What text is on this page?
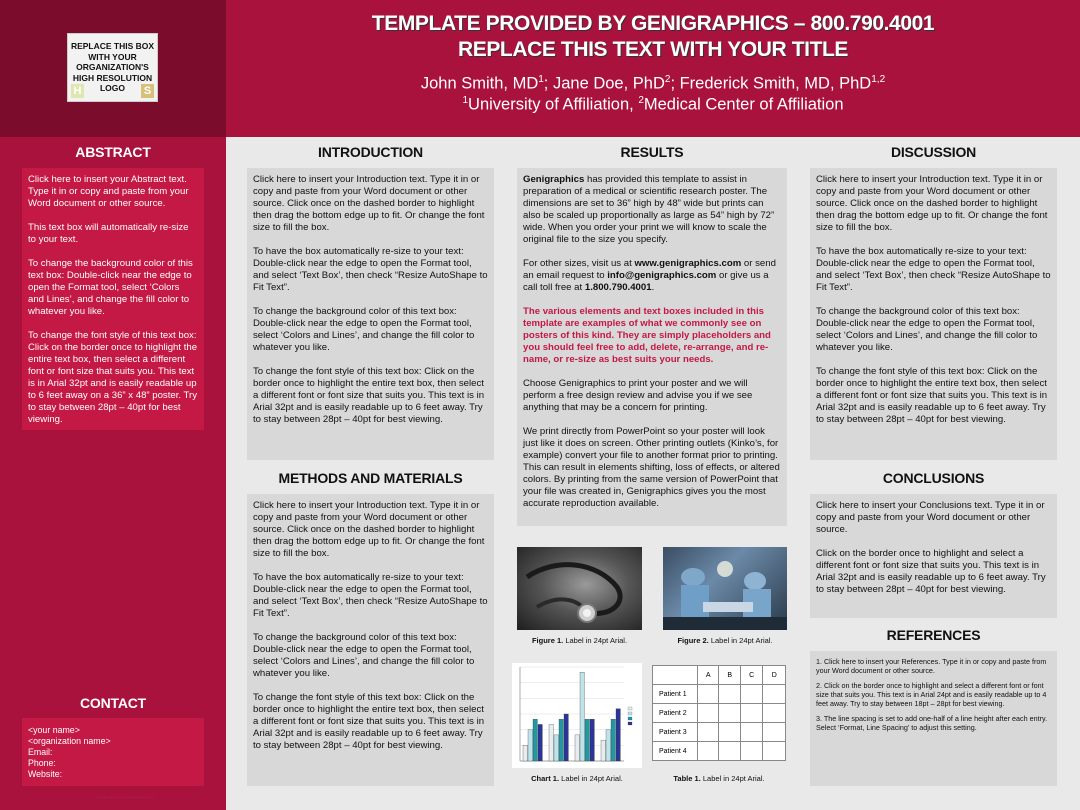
REPLACE THIS BOX WITH YOUR ORGANIZATION'S HIGH RESOLUTION LOGO
H	S
TEMPLATE PROVIDED BY GENIGRAPHICS – 800.790.4001
REPLACE THIS TEXT WITH YOUR TITLE
John Smith, $MD^1$; Jane Doe, PhD$^2$; Frederick Smith, MD, PhD$^{1,2}$
$^1$University of Affiliation, $^2$Medical Center of Affiliation
ABSTRACT

Click here to insert your Abstract text. Type it in or copy and paste from your Word document or other source.

This text box will automatically re-size to your text.

To change the background color of this text box: Double-click near the edge to open the Format tool, select ‘Colors and Lines’, and change the fill color to whatever you like.

To change the font style of this text box: Click on the border once to highlight the entire text box, then select a different font or font size that suits you. This text is in Arial 32pt and is easily readable up to 6 feet away on a 36” x 48” poster. Try to stay between 28pt – 40pt for best viewing.

CONTACT
<your name>
<organization name>
Email:
Phone:
Website:
· · · · · · · · · · · · · · · · · · · · · · · ·
INTRODUCTION

Click here to insert your Introduction text. Type it in or copy and paste from your Word document or other source. Click once on the dashed border to highlight then drag the bottom edge up to fit. Or change the font size to fill the box.

To have the box automatically re-size to your text: Double-click near the edge to open the Format tool, and select ‘Text Box’, then check “Resize AutoShape to Fit Text”.

To change the background color of this text box: Double-click near the edge to open the Format tool, select ‘Colors and Lines’, and change the fill color to whatever you like.

To change the font style of this text box: Click on the border once to highlight the entire text box, then select a different font or font size that suits you. This text is in Arial 32pt and is easily readable up to 6 feet away. Try to stay between 28pt – 40pt for best viewing.

METHODS AND MATERIALS

Click here to insert your Introduction text. Type it in or copy and paste from your Word document or other source. Click once on the dashed border to highlight then drag the bottom edge up to fit. Or change the font size to fill the box.

To have the box automatically re-size to your text: Double-click near the edge to open the Format tool, and select ‘Text Box’, then check “Resize AutoShape to Fit Text”.

To change the background color of this text box: Double-click near the edge to open the Format tool, select ‘Colors and Lines’, and change the fill color to whatever you like.

To change the font style of this text box: Click on the border once to highlight the entire text box, then select a different font or font size that suits you. This text is in Arial 32pt and is easily readable up to 6 feet away. Try to stay between 28pt – 40pt for best viewing.

RESULTS

Genigraphics has provided this template to assist in preparation of a medical or scientific research poster. The dimensions are set to 36” high by 48” wide but prints can also be scaled up proportionally as large as 54” high by 72” wide. When you order your print we will know to scale the original file to the size you specify.

For other sizes, visit us at www.genigraphics.com or send an email request to info@genigraphics.com or give us a call toll free at 1.800.790.4001.

The various elements and text boxes included in this template are examples of what we commonly see on posters of this kind. They are simply placeholders and you should feel free to add, delete, re-arrange, and re-name, or re-size as best suits your needs.

Choose Genigraphics to print your poster and we will perform a free design review and advise you if we see anything that may be a concern for printing.

We print directly from PowerPoint so your poster will look just like it does on screen. Other printing outlets (Kinko’s, for example) convert your file to another format prior to printing. This can result in elements shifting, loss of effects, or altered colors. By printing from the same version of PowerPoint that your file was created in, Genigraphics gives you the most accurate reproduction available.

Figure 1. Label in 24pt Arial.	Figure 2. Label in 24pt Arial.
Chart 1. Label in 24pt Arial.
	A	B	C	D
Patient 1				
Patient 2				
Patient 3				
Patient 4				
Table 1. Label in 24pt Arial.
DISCUSSION

Click here to insert your Introduction text. Type it in or copy and paste from your Word document or other source. Click once on the dashed border to highlight then drag the bottom edge up to fit. Or change the font size to fill the box.

To have the box automatically re-size to your text: Double-click near the edge to open the Format tool, and select ‘Text Box’, then check “Resize AutoShape to Fit Text”.

To change the background color of this text box: Double-click near the edge to open the Format tool, select ‘Colors and Lines’, and change the fill color to whatever you like.

To change the font style of this text box: Click on the border once to highlight the entire text box, then select a different font or font size that suits you. This text is in Arial 32pt and is easily readable up to 6 feet away. Try to stay between 28pt – 40pt for best viewing.

CONCLUSIONS

Click here to insert your Conclusions text. Type it in or copy and paste from your Word document or other source.

Click on the border once to highlight and select a different font or font size that suits you. This text is in Arial 32pt and is easily readable up to 6 feet away. Try to stay between 28pt – 40pt for best viewing.

REFERENCES

1. Click here to insert your References. Type it in or copy and paste from your Word document or other source.

2. Click on the border once to highlight and select a different font or font size that suits you. This text is in Arial 24pt and is easily readable up to 4 feet away. Try to stay between 18pt – 28pt for best viewing.

3. The line spacing is set to add one-half of a line height after each entry. Select ‘Format, Line Spacing’ to adjust this setting.
